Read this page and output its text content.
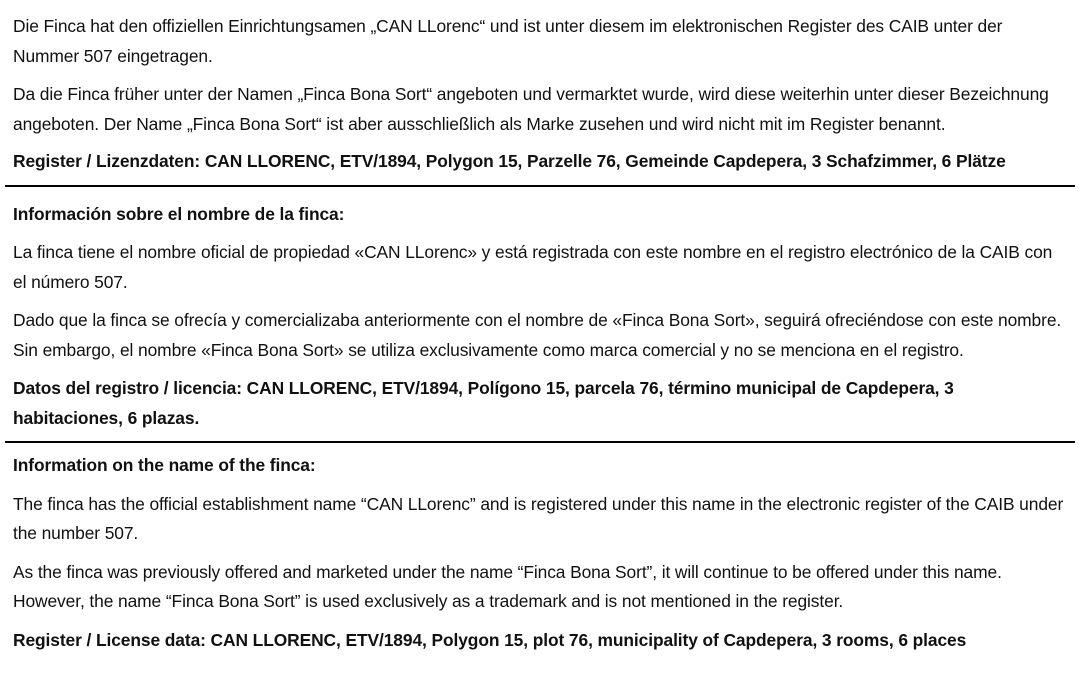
Die Finca hat den offiziellen Einrichtungsamen „CAN LLorenc“ und ist unter diesem im elektronischen Register des CAIB unter der Nummer 507 eingetragen.

Da die Finca früher unter der Namen „Finca Bona Sort“ angeboten und vermarktet wurde, wird diese weiterhin unter dieser Bezeichnung angeboten. Der Name „Finca Bona Sort“ ist aber ausschließlich als Marke zusehen und wird nicht mit im Register benannt.

Register / Lizenzdaten: CAN LLORENC, ETV/1894, Polygon 15, Parzelle 76, Gemeinde Capdepera, 3 Schafzimmer, 6 Plätze

Información sobre el nombre de la finca:

La finca tiene el nombre oficial de propiedad «CAN LLorenc» y está registrada con este nombre en el registro electrónico de la CAIB con el número 507.

Dado que la finca se ofrecía y comercializaba anteriormente con el nombre de «Finca Bona Sort», seguirá ofreciéndose con este nombre. Sin embargo, el nombre «Finca Bona Sort» se utiliza exclusivamente como marca comercial y no se menciona en el registro.

Datos del registro / licencia: CAN LLORENC, ETV/1894, Polígono 15, parcela 76, término municipal de Capdepera, 3 habitaciones, 6 plazas.

Information on the name of the finca:

The finca has the official establishment name “CAN LLorenc” and is registered under this name in the electronic register of the CAIB under the number 507.

As the finca was previously offered and marketed under the name “Finca Bona Sort”, it will continue to be offered under this name. However, the name “Finca Bona Sort” is used exclusively as a trademark and is not mentioned in the register.

Register / License data: CAN LLORENC, ETV/1894, Polygon 15, plot 76, municipality of Capdepera, 3 rooms, 6 places
